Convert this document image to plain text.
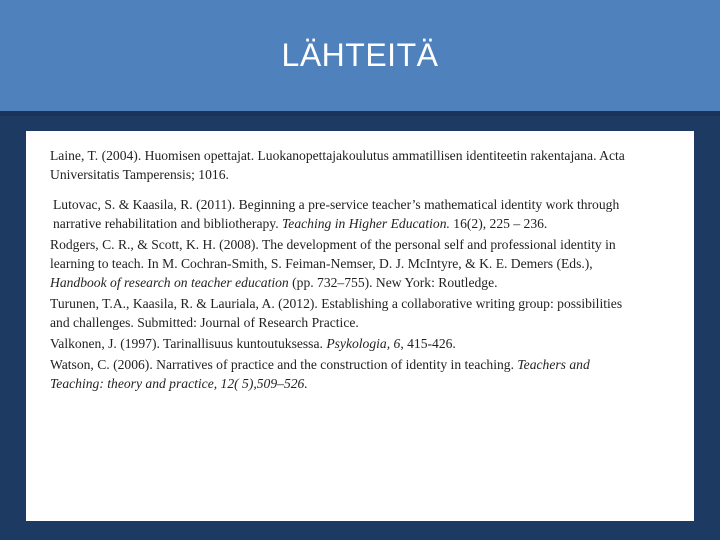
LÄHTEITÄ

Laine, T. (2004). Huomisen opettajat. Luokanopettajakoulutus ammatillisen identiteetin rakentajana. Acta Universitatis Tamperensis; 1016.

Lutovac, S. & Kaasila, R. (2011). Beginning a pre-service teacher’s mathematical identity work through narrative rehabilitation and bibliotherapy. Teaching in Higher Education. 16(2), 225 – 236.

Rodgers, C. R., & Scott, K. H. (2008). The development of the personal self and professional identity in learning to teach. In M. Cochran-Smith, S. Feiman-Nemser, D. J. McIntyre, & K. E. Demers (Eds.), Handbook of research on teacher education (pp. 732–755). New York: Routledge.

Turunen, T.A., Kaasila, R. & Lauriala, A. (2012). Establishing a collaborative writing group: possibilities and challenges. Submitted: Journal of Research Practice.

Valkonen, J. (1997). Tarinallisuus kuntoutuksessa. Psykologia, 6, 415-426.

Watson, C. (2006). Narratives of practice and the construction of identity in teaching. Teachers and Teaching: theory and practice, 12( 5),509–526.
